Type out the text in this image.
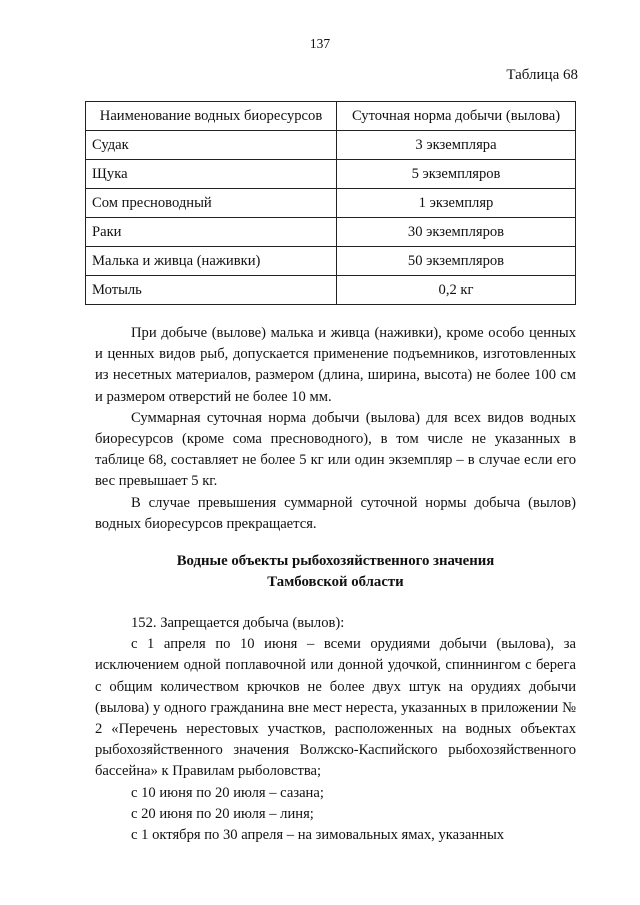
137
Таблица 68
Наименование водных биоресурсов	Суточная норма добычи (вылова)
Судак	3 экземпляра
Щука	5 экземпляров
Сом пресноводный	1 экземпляр
Раки	30 экземпляров
Малька и живца (наживки)	50 экземпляров
Мотыль	0,2 кг

При добыче (вылове) малька и живца (наживки), кроме особо ценных и ценных видов рыб, допускается применение подъемников, изготовленных из несетных материалов, размером (длина, ширина, высота) не более 100 см и размером отверстий не более 10 мм.

Суммарная суточная норма добычи (вылова) для всех видов водных биоресурсов (кроме сома пресноводного), в том числе не указанных в таблице 68, составляет не более 5 кг или один экземпляр – в случае если его вес превышает 5 кг.

В случае превышения суммарной суточной нормы добыча (вылов) водных биоресурсов прекращается.

Водные объекты рыбохозяйственного значения
Тамбовской области

152. Запрещается добыча (вылов):

с 1 апреля по 10 июня – всеми орудиями добычи (вылова), за исключением одной поплавочной или донной удочкой, спиннингом с берега с общим количеством крючков не более двух штук на орудиях добычи (вылова) у одного гражданина вне мест нереста, указанных в приложении № 2 «Перечень нерестовых участков, расположенных на водных объектах рыбохозяйственного значения Волжско-Каспийского рыбохозяйственного бассейна» к Правилам рыболовства;

с 10 июня по 20 июля – сазана;

с 20 июня по 20 июля – линя;

с 1 октября по 30 апреля – на зимовальных ямах, указанных
